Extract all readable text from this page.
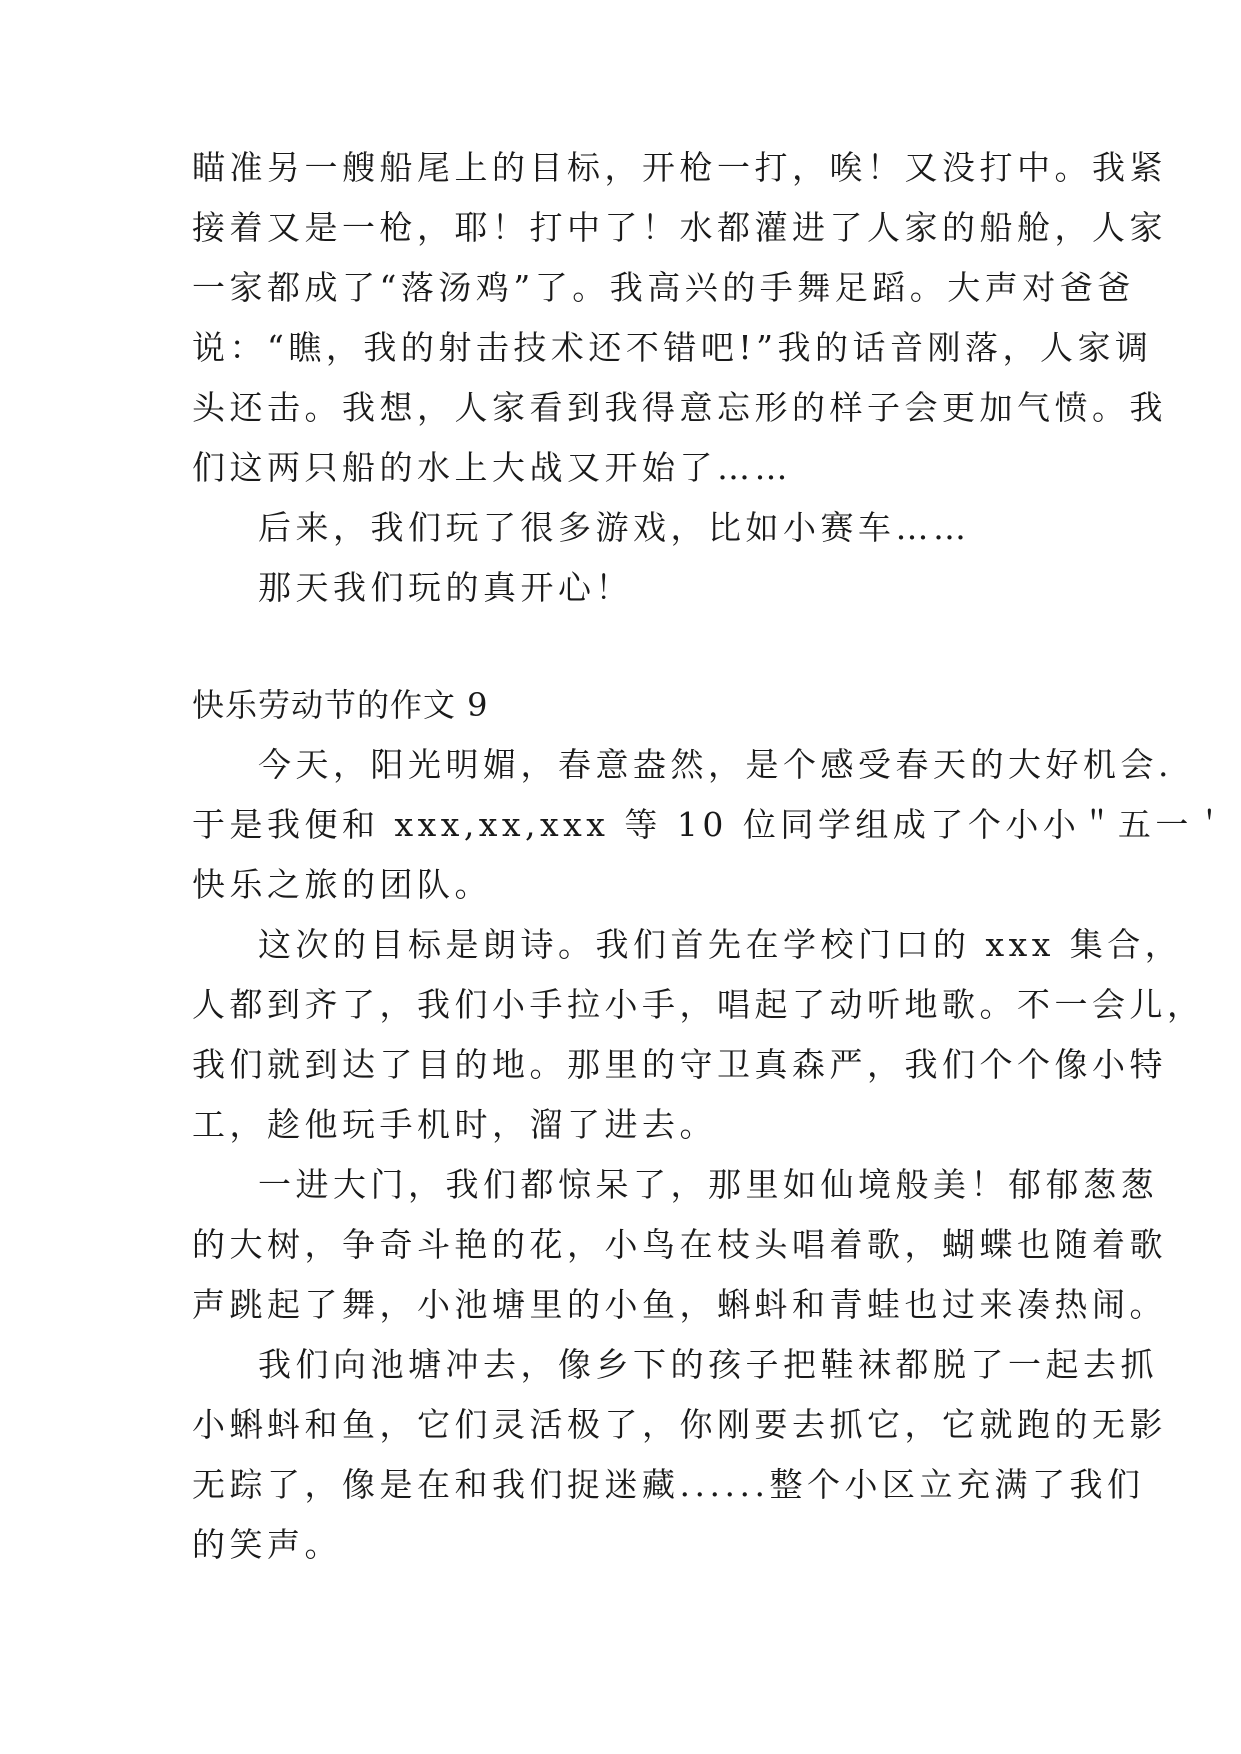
瞄准另一艘船尾上的目标，开枪一打，唉！又没打中。我紧
接着又是一枪，耶！打中了！水都灌进了人家的船舱，人家
一家都成了“落汤鸡”了。我高兴的手舞足蹈。大声对爸爸
说：“瞧，我的射击技术还不错吧!”我的话音刚落，人家调
头还击。我想，人家看到我得意忘形的样子会更加气愤。我
们这两只船的水上大战又开始了……
后来，我们玩了很多游戏，比如小赛车……
那天我们玩的真开心！
快乐劳动节的作文 9
今天，阳光明媚，春意盎然，是个感受春天的大好机会.
于是我便和 xxx,xx,xxx 等 10 位同学组成了个小小＂五一＇
快乐之旅的团队。
这次的目标是朗诗。我们首先在学校门口的 xxx 集合，
人都到齐了，我们小手拉小手，唱起了动听地歌。不一会儿，
我们就到达了目的地。那里的守卫真森严，我们个个像小特
工，趁他玩手机时，溜了进去。
一进大门，我们都惊呆了，那里如仙境般美！郁郁葱葱
的大树，争奇斗艳的花，小鸟在枝头唱着歌，蝴蝶也随着歌
声跳起了舞，小池塘里的小鱼，蝌蚪和青蛙也过来凑热闹。
我们向池塘冲去，像乡下的孩子把鞋袜都脱了一起去抓
小蝌蚪和鱼，它们灵活极了，你刚要去抓它，它就跑的无影
无踪了，像是在和我们捉迷藏......整个小区立充满了我们
的笑声。
